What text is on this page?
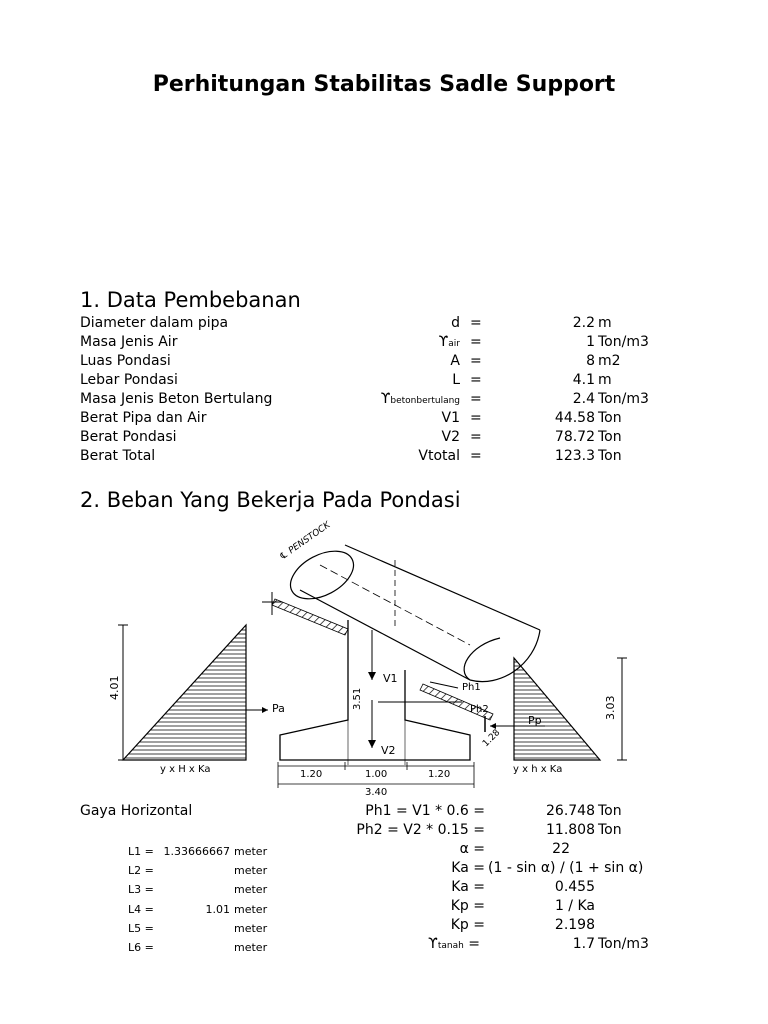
Perhitungan Stabilitas Sadle Support
1. Data Pembebanan
Diameter dalam pipa	d =	2.2 m
Masa Jenis Air	ϒair =	1 Ton/m3
Luas Pondasi	A =	8 m2
Lebar Pondasi	L =	4.1 m
Masa Jenis Beton Bertulang	ϒbetonbertulang =	2.4 Ton/m3
Berat Pipa dan Air	V1 =	44.58 Ton
Berat Pondasi	V2 =	78.72 Ton
Berat Total	Vtotal =	123.3 Ton
2. Beban Yang Bekerja Pada Pondasi
4.01
Pa
y x H x Ka
℄ PENSTOCK
V1
3.51
V2
Ph1
Ph2
1.28
1.20	1.00	1.20
3.40
Pp
3.03
y x h x Ka
Gaya Horizontal	Ph1 = V1 * 0.6 =	26.748 Ton
Ph2 = V2 * 0.15 =	11.808 Ton
α =	22
Ka = (1 - sin α) / (1 + sin α)
Ka =	0.455
Kp =	1 / Ka
Kp =	2.198
ϒtanah =	1.7 Ton/m3
L1 = 1.33666667 meter
L2 =	meter
L3 =	meter
L4 =	1.01 meter
L5 =	meter
L6 =	meter
